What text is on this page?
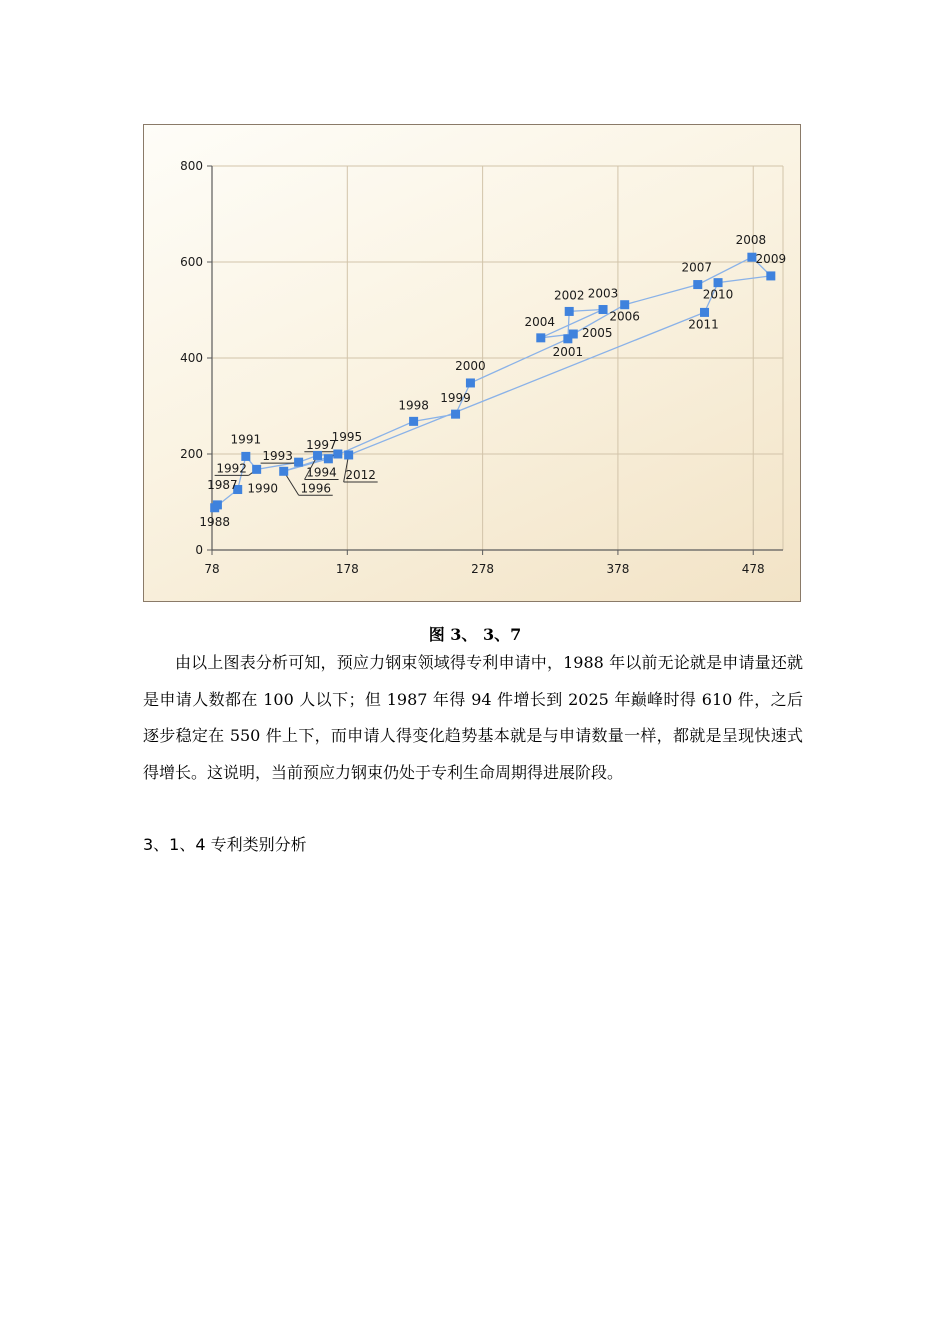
78	178	278	378	478
0
200
400
600
800
1987
1988
1990
1991
1992
1993
1994
1995
1996
1997
1998
1999
2000
2001
2002 2003
2004
2005
2006
2007
2008
2009
2010
2011
2012
图 3、 3、7
由以上图表分析可知，预应力钢束领域得专利申请中，1988 年以前无论就是申请量还就是申请人数都在 100 人以下；但 1987 年得 94 件增长到 2025 年巅峰时得 610 件，之后逐步稳定在 550 件上下，而申请人得变化趋势基本就是与申请数量一样，都就是呈现快速式得增长。这说明，当前预应力钢束仍处于专利生命周期得进展阶段。
3、1、4 专利类别分析
